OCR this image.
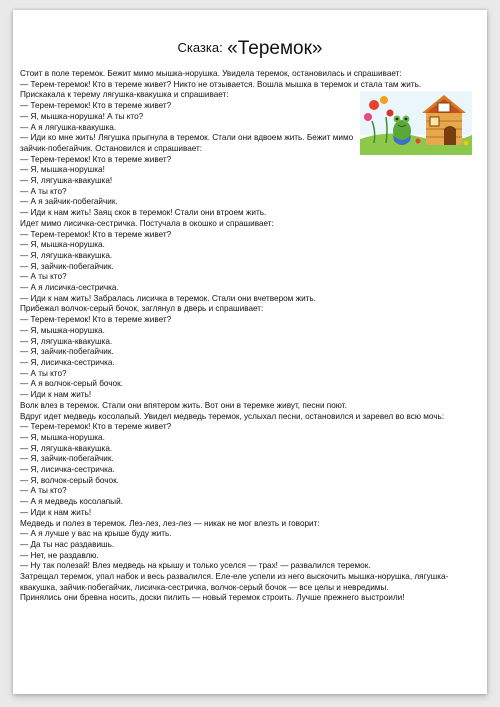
Сказка: «Теремок»
Стоит в поле теремок. Бежит мимо мышка-норушка. Увидела теремок, остановилась и спрашивает:
— Терем-теремок! Кто в тереме живет? Никто не отзывается. Вошла мышка в теремок и стала там жить.
Прискакала к терему лягушка-квакушка и спрашивает:
— Терем-теремок! Кто в тереме живет?
— Я, мышка-норушка! А ты кто?
— А я лягушка-квакушка.
— Иди ко мне жить! Лягушка прыгнула в теремок. Стали они вдвоем жить. Бежит мимо зайчик-побегайчик. Остановился и спрашивает:
— Терем-теремок! Кто в тереме живет?
— Я, мышка-норушка!
— Я, лягушка-квакушка!
— А ты кто?
— А я зайчик-побегайчик.
— Иди к нам жить! Заяц скок в теремок! Стали они втроем жить.
Идет мимо лисичка-сестричка. Постучала в окошко и спрашивает:
— Терем-теремок! Кто в тереме живет?
— Я, мышка-норушка.
— Я, лягушка-квакушка.
— Я, зайчик-побегайчик.
— А ты кто?
— А я лисичка-сестричка.
— Иди к нам жить! Забралась лисичка в теремок. Стали они вчетвером жить.
Прибежал волчок-серый бочок, заглянул в дверь и спрашивает:
— Терем-теремок! Кто в тереме живет?
— Я, мышка-норушка.
— Я, лягушка-квакушка.
— Я, зайчик-побегайчик.
— Я, лисичка-сестричка.
— А ты кто?
— А я волчок-серый бочок.
— Иди к нам жить!
Волк влез в теремок. Стали они впятером жить. Вот они в теремке живут, песни поют.
Вдруг идет медведь косолапый. Увидел медведь теремок, услыхал песни, остановился и заревел во всю мочь:
— Терем-теремок! Кто в тереме живет?
— Я, мышка-норушка.
— Я, лягушка-квакушка.
— Я, зайчик-побегайчик.
— Я, лисичка-сестричка.
— Я, волчок-серый бочок.
— А ты кто?
— А я медведь косолапый.
— Иди к нам жить!
Медведь и полез в теремок. Лез-лез, лез-лез — никак не мог влезть и говорит:
— А я лучше у вас на крыше буду жить.
— Да ты нас раздавишь.
— Нет, не раздавлю.
— Ну так полезай! Влез медведь на крышу и только уселся — трах! — развалился теремок.
Затрещал теремок, упал набок и весь развалился. Еле-еле успели из него выскочить мышка-норушка, лягушка-квакушка, зайчик-побегайчик, лисичка-сестричка, волчок-серый бочок — все целы и невредимы.
Принялись они бревна носить, доски пилить — новый теремок строить. Лучше прежнего выстроили!
